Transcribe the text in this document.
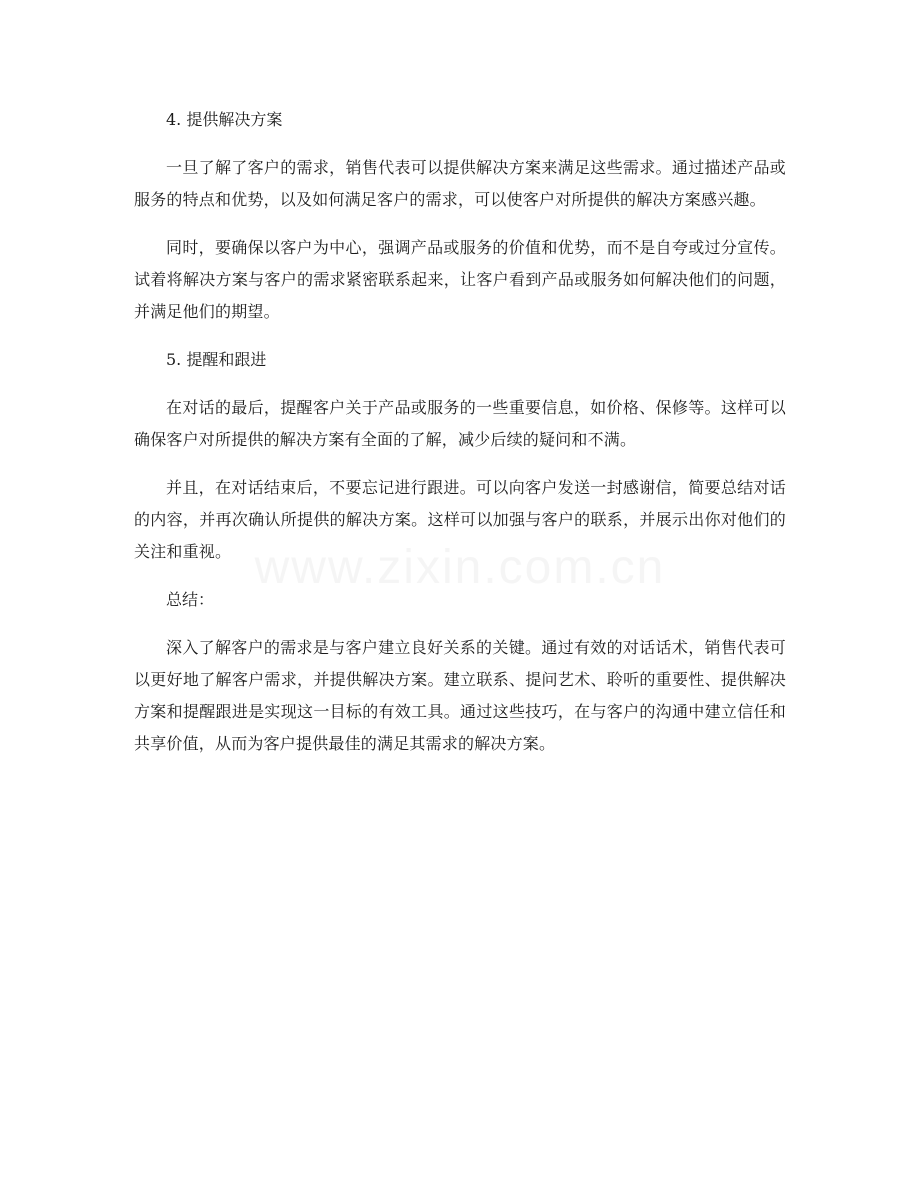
4. 提供解决方案

一旦了解了客户的需求，销售代表可以提供解决方案来满足这些需求。通过描述产品或服务的特点和优势，以及如何满足客户的需求，可以使客户对所提供的解决方案感兴趣。

同时，要确保以客户为中心，强调产品或服务的价值和优势，而不是自夸或过分宣传。试着将解决方案与客户的需求紧密联系起来，让客户看到产品或服务如何解决他们的问题，并满足他们的期望。

5. 提醒和跟进

在对话的最后，提醒客户关于产品或服务的一些重要信息，如价格、保修等。这样可以确保客户对所提供的解决方案有全面的了解，减少后续的疑问和不满。

并且，在对话结束后，不要忘记进行跟进。可以向客户发送一封感谢信，简要总结对话的内容，并再次确认所提供的解决方案。这样可以加强与客户的联系，并展示出你对他们的关注和重视。

总结：

深入了解客户的需求是与客户建立良好关系的关键。通过有效的对话话术，销售代表可以更好地了解客户需求，并提供解决方案。建立联系、提问艺术、聆听的重要性、提供解决方案和提醒跟进是实现这一目标的有效工具。通过这些技巧，在与客户的沟通中建立信任和共享价值，从而为客户提供最佳的满足其需求的解决方案。

www.zixin.com.cn
